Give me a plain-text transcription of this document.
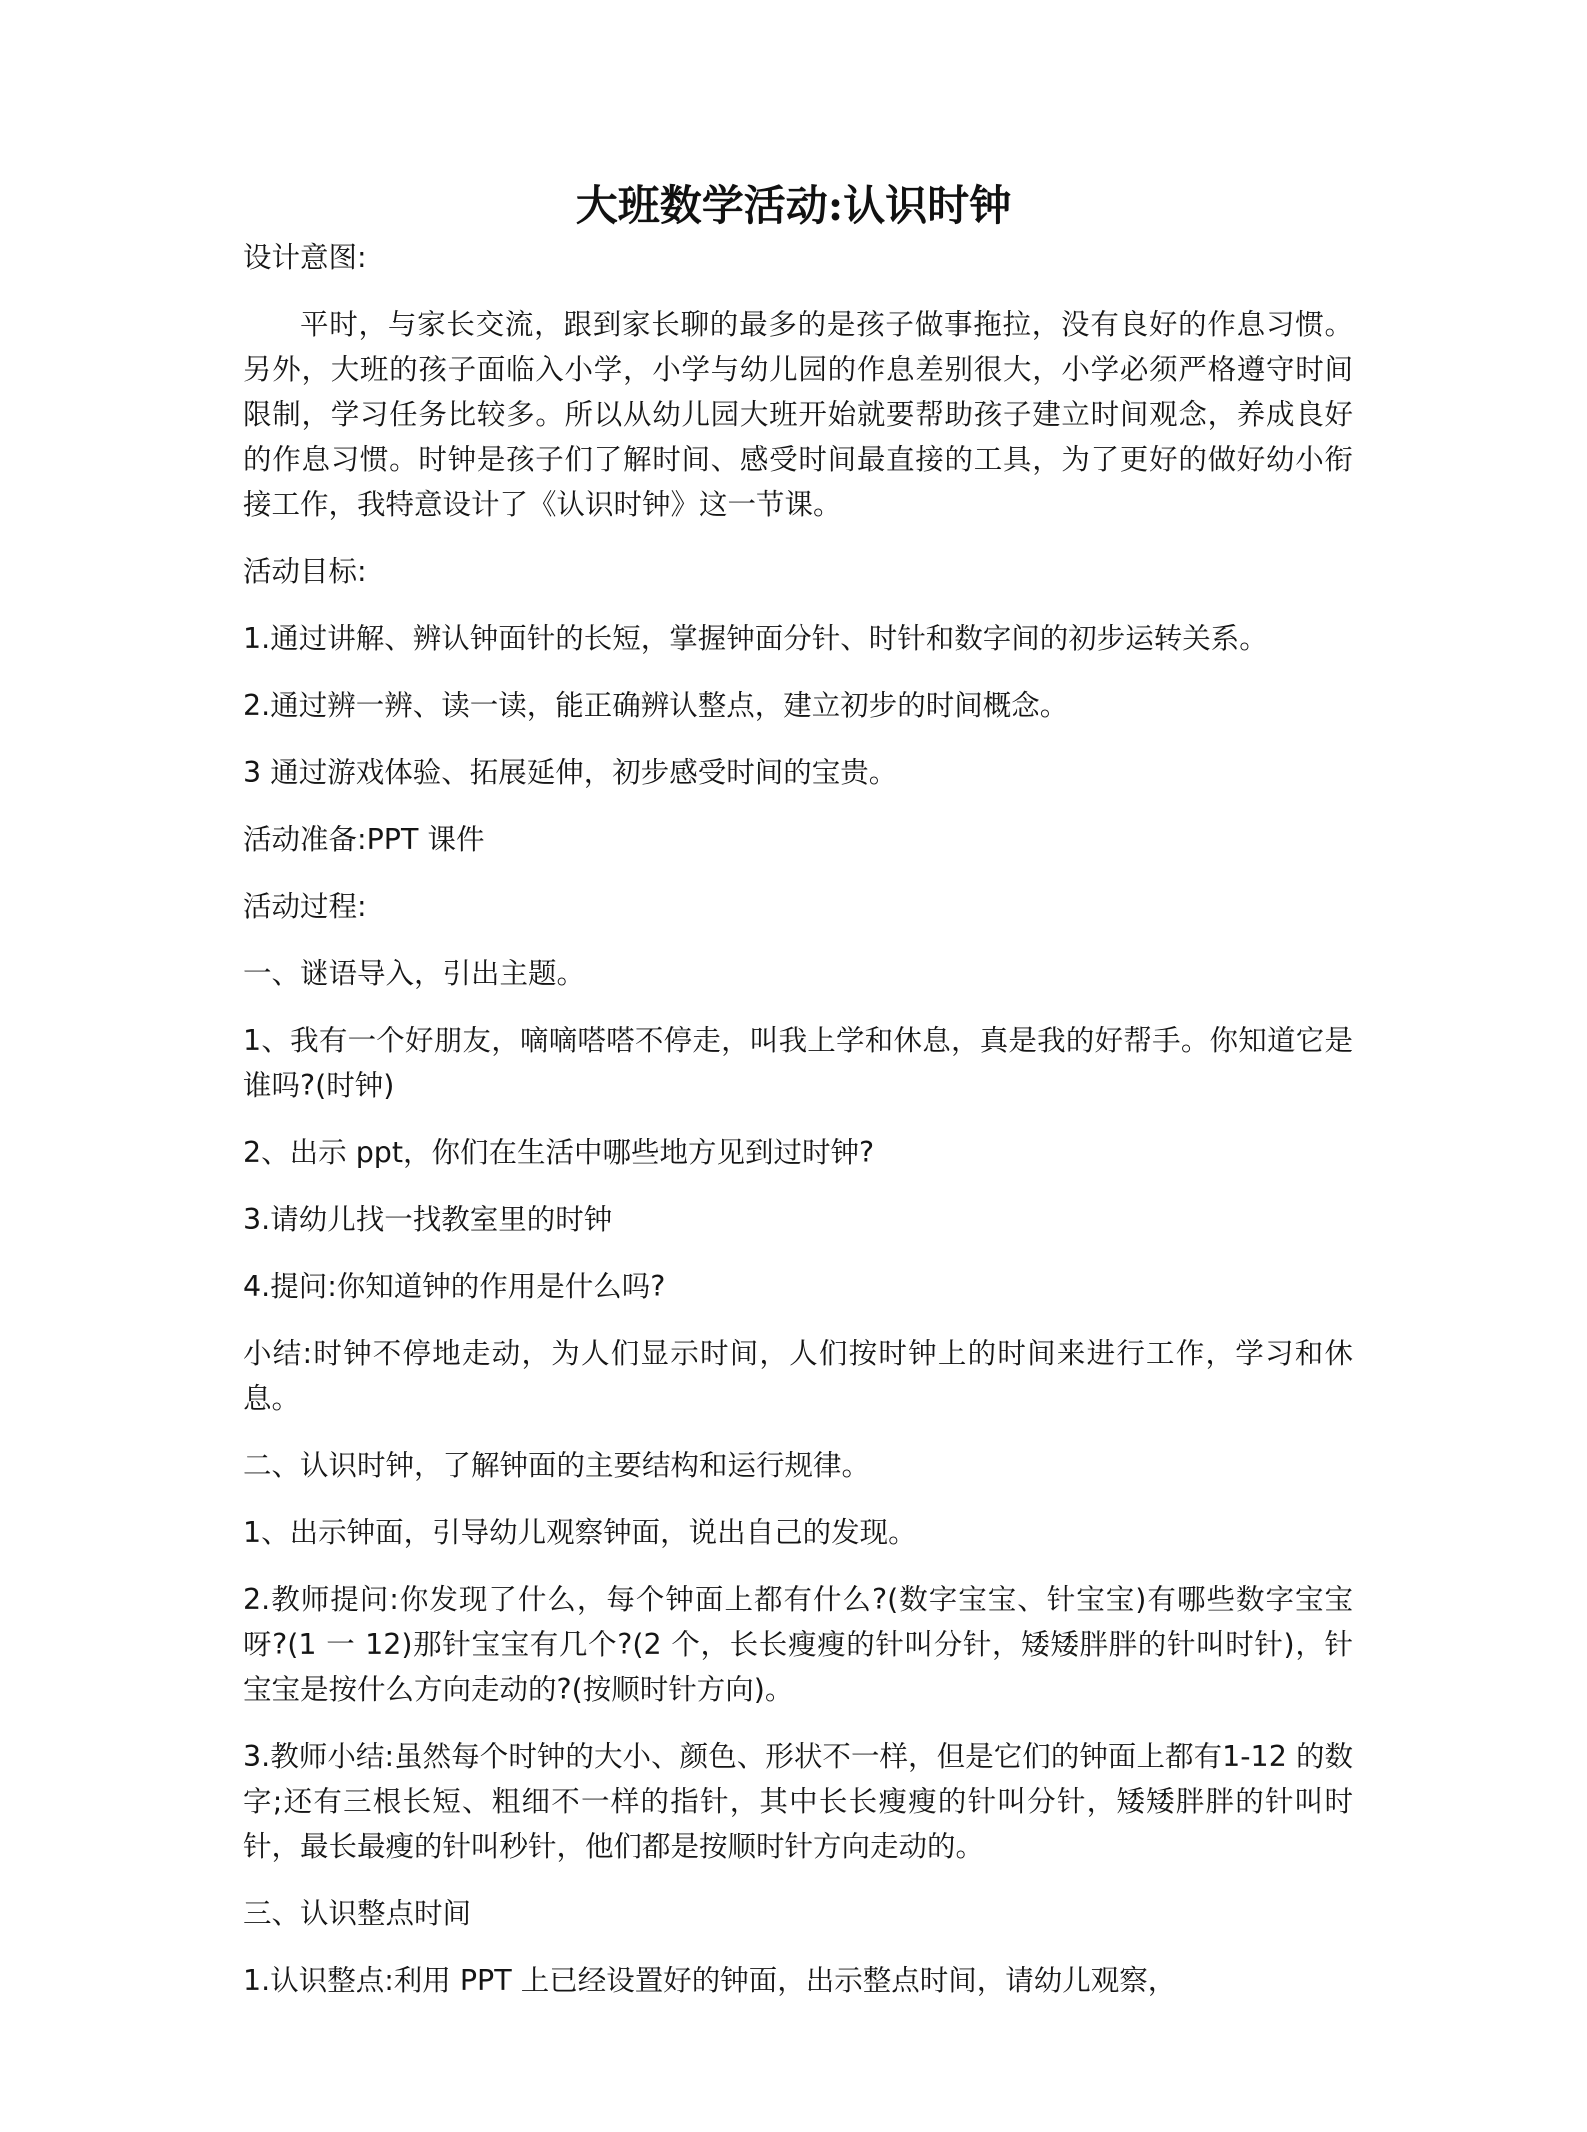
大班数学活动:认识时钟

设计意图:

平时，与家长交流，跟到家长聊的最多的是孩子做事拖拉，没有良好的作息习惯。另外，大班的孩子面临入小学，小学与幼儿园的作息差别很大，小学必须严格遵守时间限制，学习任务比较多。所以从幼儿园大班开始就要帮助孩子建立时间观念，养成良好的作息习惯。时钟是孩子们了解时间、感受时间最直接的工具，为了更好的做好幼小衔接工作，我特意设计了《认识时钟》这一节课。

活动目标:

1.通过讲解、辨认钟面针的长短，掌握钟面分针、时针和数字间的初步运转关系。

2.通过辨一辨、读一读，能正确辨认整点，建立初步的时间概念。

3 通过游戏体验、拓展延伸，初步感受时间的宝贵。

活动准备:PPT 课件

活动过程:

一、谜语导入，引出主题。

1、我有一个好朋友，嘀嘀嗒嗒不停走，叫我上学和休息，真是我的好帮手。你知道它是谁吗?(时钟)

2、出示 ppt，你们在生活中哪些地方见到过时钟?

3.请幼儿找一找教室里的时钟

4.提问:你知道钟的作用是什么吗?

小结:时钟不停地走动，为人们显示时间，人们按时钟上的时间来进行工作，学习和休息。

二、认识时钟，了解钟面的主要结构和运行规律。

1、出示钟面，引导幼儿观察钟面，说出自己的发现。

2.教师提问:你发现了什么，每个钟面上都有什么?(数字宝宝、针宝宝)有哪些数字宝宝呀?(1 一 12)那针宝宝有几个?(2 个，长长瘦瘦的针叫分针，矮矮胖胖的针叫时针)，针宝宝是按什么方向走动的?(按顺时针方向)。

3.教师小结:虽然每个时钟的大小、颜色、形状不一样，但是它们的钟面上都有1-12 的数字;还有三根长短、粗细不一样的指针，其中长长瘦瘦的针叫分针，矮矮胖胖的针叫时针，最长最瘦的针叫秒针，他们都是按顺时针方向走动的。

三、认识整点时间

1.认识整点:利用 PPT 上已经设置好的钟面，出示整点时间，请幼儿观察，
